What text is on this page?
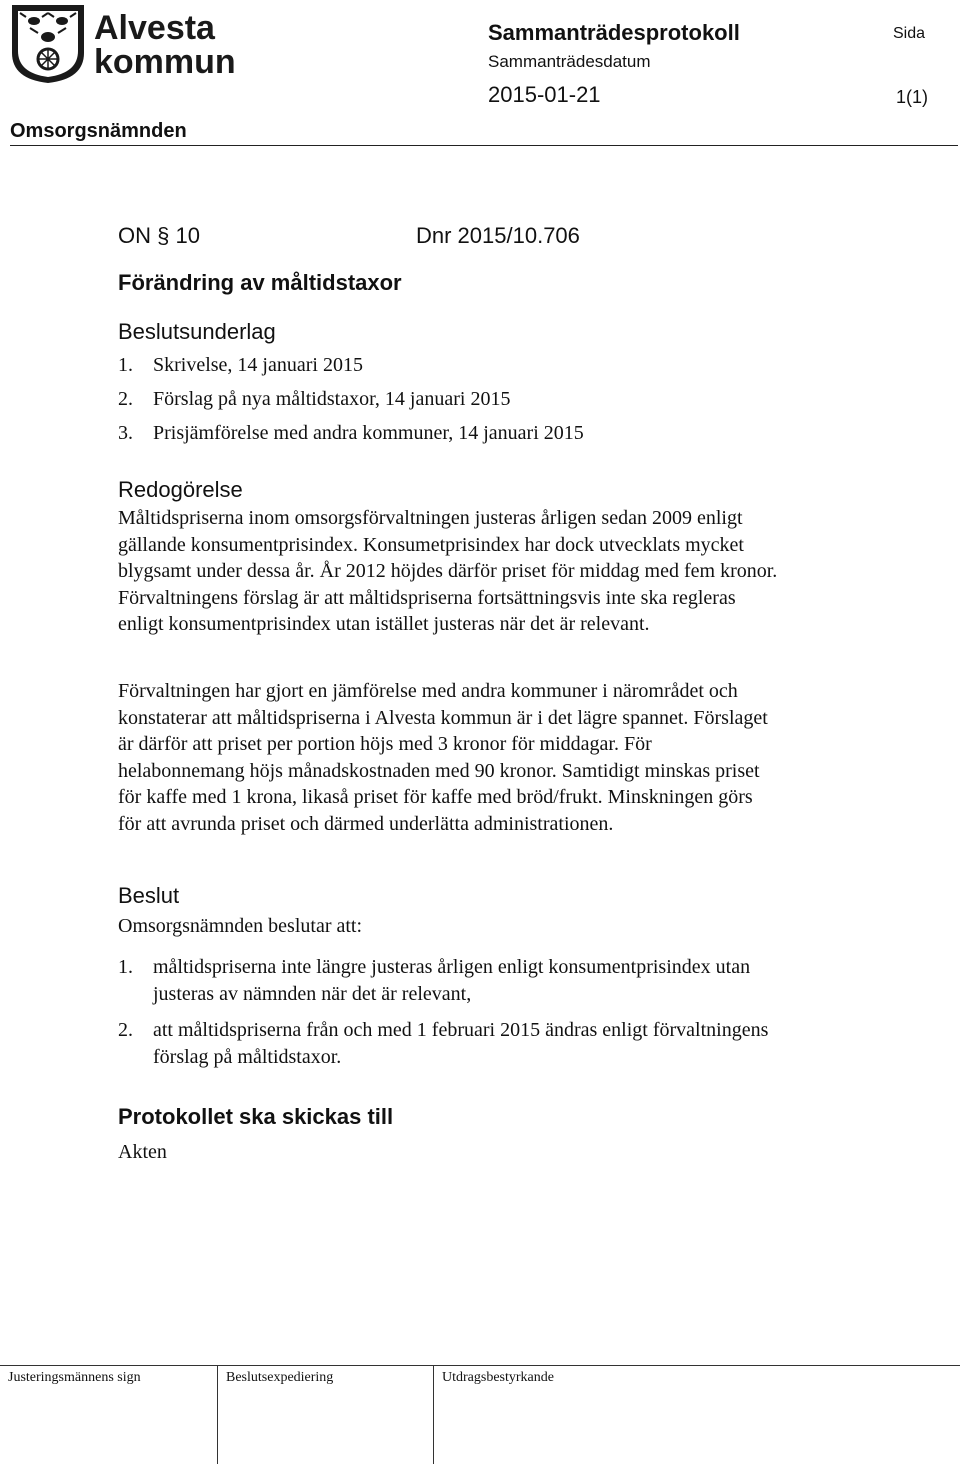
Alvesta
kommun
Sammanträdesprotokoll
Sammanträdesdatum
2015-01-21
Sida
1(1)
Omsorgsnämnden
ON § 10	Dnr 2015/10.706
Förändring av måltidstaxor
Beslutsunderlag
1. Skrivelse, 14 januari 2015
2. Förslag på nya måltidstaxor, 14 januari 2015
3. Prisjämförelse med andra kommuner, 14 januari 2015
Redogörelse
Måltidspriserna inom omsorgsförvaltningen justeras årligen sedan 2009 enligt gällande konsumentprisindex. Konsumetprisindex har dock utvecklats mycket blygsamt under dessa år. År 2012 höjdes därför priset för middag med fem kronor. Förvaltningens förslag är att måltidspriserna fortsättningsvis inte ska regleras enligt konsumentprisindex utan istället justeras när det är relevant.
Förvaltningen har gjort en jämförelse med andra kommuner i närområdet och konstaterar att måltidspriserna i Alvesta kommun är i det lägre spannet. Förslaget är därför att priset per portion höjs med 3 kronor för middagar. För helabonnemang höjs månadskostnaden med 90 kronor. Samtidigt minskas priset för kaffe med 1 krona, likaså priset för kaffe med bröd/frukt. Minskningen görs för att avrunda priset och därmed underlätta administrationen.
Beslut
Omsorgsnämnden beslutar att:
1. måltidspriserna inte längre justeras årligen enligt konsumentprisindex utan justeras av nämnden när det är relevant,
2. att måltidspriserna från och med 1 februari 2015 ändras enligt förvaltningens förslag på måltidstaxor.
Protokollet ska skickas till
Akten
Justeringsmännens sign	Beslutsexpediering	Utdragsbestyrkande
